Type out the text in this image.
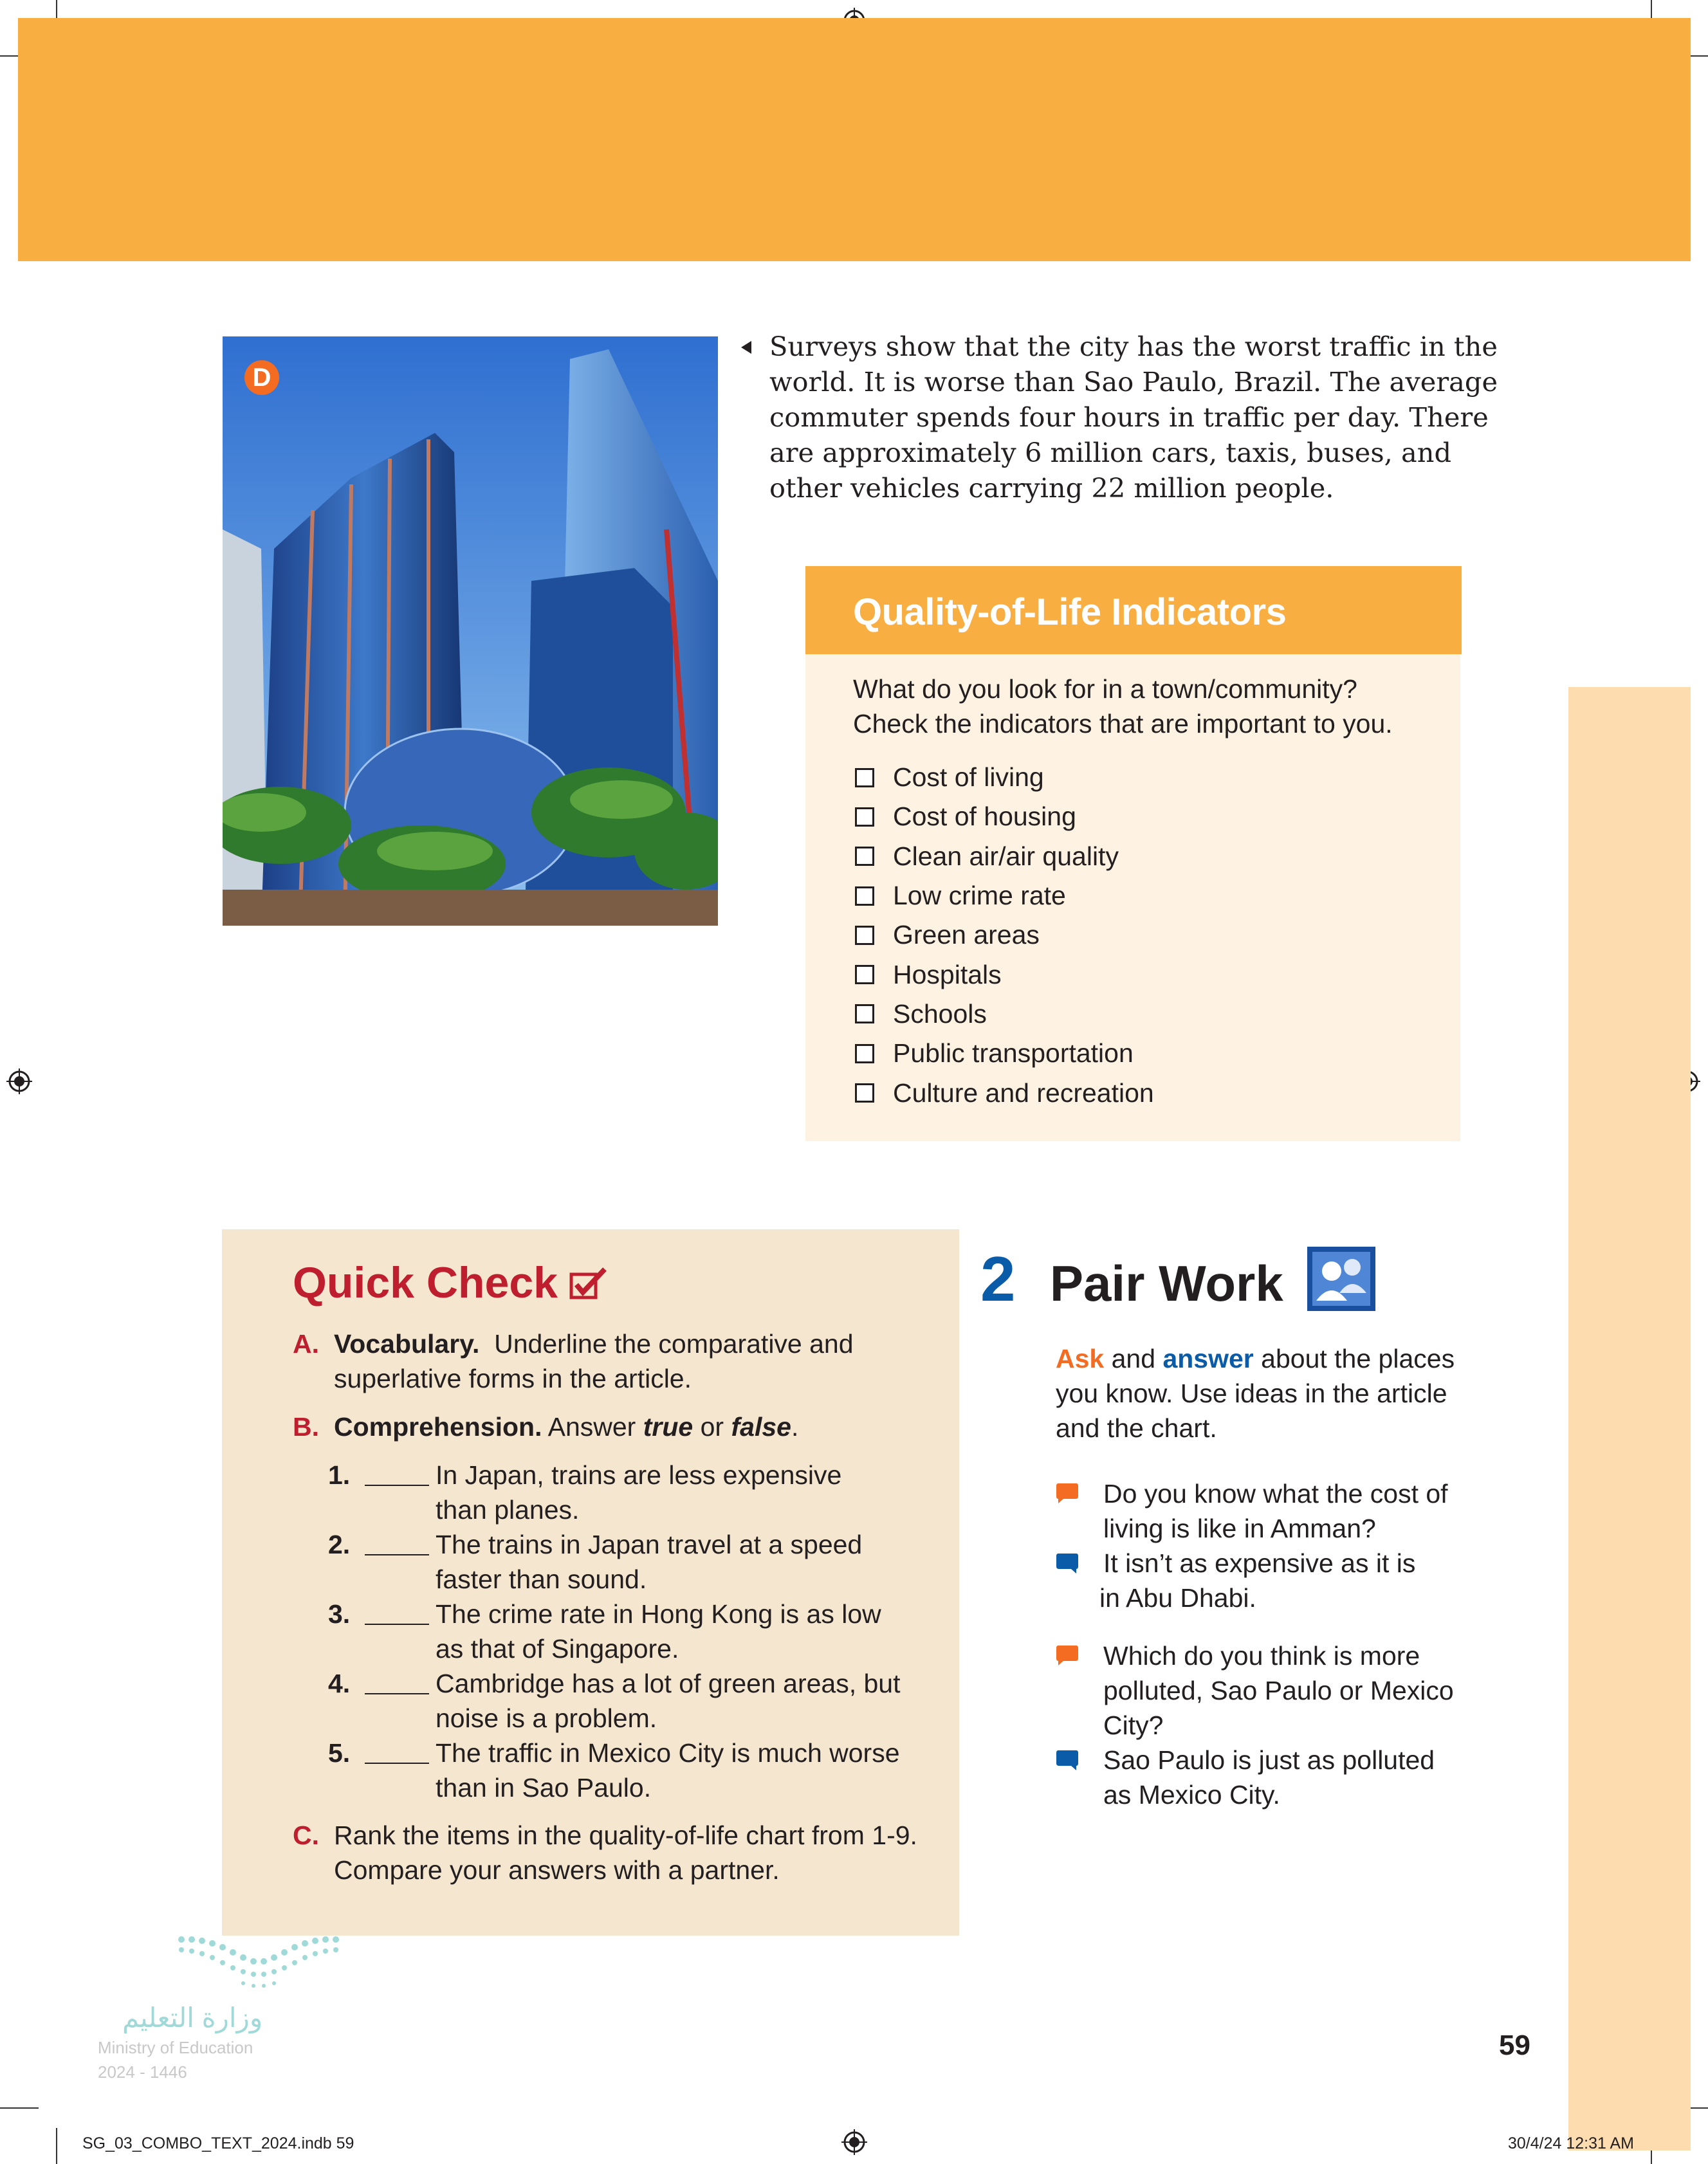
D
Surveys show that the city has the worst traffic in the world. It is worse than Sao Paulo, Brazil. The average commuter spends four hours in traffic per day. There are approximately 6 million cars, taxis, buses, and other vehicles carrying 22 million people.
Quality-of-Life Indicators
What do you look for in a town/community?
Check the indicators that are important to you.
Cost of living
Cost of housing
Clean air/air quality
Low crime rate
Green areas
Hospitals
Schools
Public transportation
Culture and recreation
Quick Check
A. Vocabulary. Underline the comparative and
superlative forms in the article.
B. Comprehension. Answer true or false.
1.	In Japan, trains are less expensive
than planes.
2.	The trains in Japan travel at a speed
faster than sound.
3.	The crime rate in Hong Kong is as low
as that of Singapore.
4.	Cambridge has a lot of green areas, but
noise is a problem.
5.	The traffic in Mexico City is much worse
than in Sao Paulo.
C. Rank the items in the quality-of-life chart from 1-9.
Compare your answers with a partner.
2 Pair Work
Ask and answer about the places
you know. Use ideas in the article
and the chart.
Do you know what the cost of
living is like in Amman?
It isn’t as expensive as it is
in Abu Dhabi.
Which do you think is more
polluted, Sao Paulo or Mexico
City?
Sao Paulo is just as polluted
as Mexico City.
59
وزارة التعليم
Ministry of Education
2024 - 1446
SG_03_COMBO_TEXT_2024.indb 59	30/4/24 12:31 AM
